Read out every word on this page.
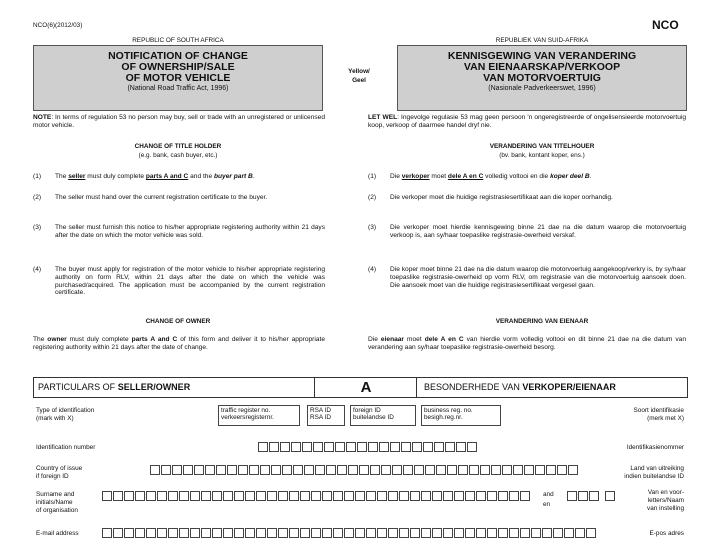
NCO(6)(2012/03)	NCO
REPUBLIC OF SOUTH AFRICA	REPUBLIEK VAN SUID-AFRIKA
NOTIFICATION OF CHANGE
OF OWNERSHIP/SALE
OF MOTOR VEHICLE
(National Road Traffic Act, 1996)
KENNISGEWING VAN VERANDERING
VAN EIENAARSKAP/VERKOOP
VAN MOTORVOERTUIG
(Nasionale Padverkeerswet, 1996)
Yellow/
Geel
NOTE: In terms of regulation 53 no person may buy, sell or trade with an unregistered or unlicensed motor vehicle.
LET WEL: Ingevolge regulasie 53 mag geen persoon 'n ongeregistreerde of ongelisensieerde motorvoertuig koop, verkoop of daarmee handel dryf nie.
CHANGE OF TITLE HOLDER
(e.g. bank, cash buyer, etc.)
VERANDERING VAN TITELHOUER
(bv. bank, kontant koper, ens.)
(1) The seller must duly complete parts A and C and the buyer part B.
(2) The seller must hand over the current registration certificate to the buyer.
(3) The seller must furnish this notice to his/her appropriate registering authority within 21 days after the date on which the motor vehicle was sold.
(4) The buyer must apply for registration of the motor vehicle to his/her appropriate registering authority on form RLV, within 21 days after the date on which the vehicle was purchased/acquired. The application must be accompanied by the current registration certificate.
(1) Die verkoper moet dele A en C volledig voltooi en die koper deel B.
(2) Die verkoper moet die huidige registrasiesertifikaat aan die koper oorhandig.
(3) Die verkoper moet hierdie kennisgewing binne 21 dae na die datum waarop die motorvoertuig verkoop is, aan sy/haar toepaslike registrasie-owerheid verskaf.
(4) Die koper moet binne 21 dae na die datum waarop die motorvoertuig aangekoop/verkry is, by sy/haar toepaslike registrasie-owerheid op vorm RLV, om registrasie van die motorvoertuig aansoek doen. Die aansoek moet van die huidige registrasiesertifikaat vergesel gaan.
CHANGE OF OWNER
The owner must duly complete parts A and C of this form and deliver it to his/her appropriate registering authority within 21 days after the date of change.
VERANDERING VAN EIENAAR
Die eienaar moet dele A en C van hierdie vorm volledig voltooi en dit binne 21 dae na die datum van verandering aan sy/haar toepaslike registrasie-owerheid besorg.
PARTICULARS OF SELLER/OWNER	A	BESONDERHEDE VAN VERKOPER/EIENAAR
Type of identification
(mark with X)
Soort identifikasie
(merk met X)
traffic register no.
verkeersregisternr.
RSA ID
RSA ID
foreign ID
buitelandse ID
business reg. no.
besigh.reg.nr.
Identification number	Identifikasienommer
Country of issue
if foreign ID
Land van uitreiking
indien buitelandse ID
Surname and
initials/Name
of organisation
and
en
Van en voor-
letters/Naam
van instelling
E-mail address	E-pos adres
